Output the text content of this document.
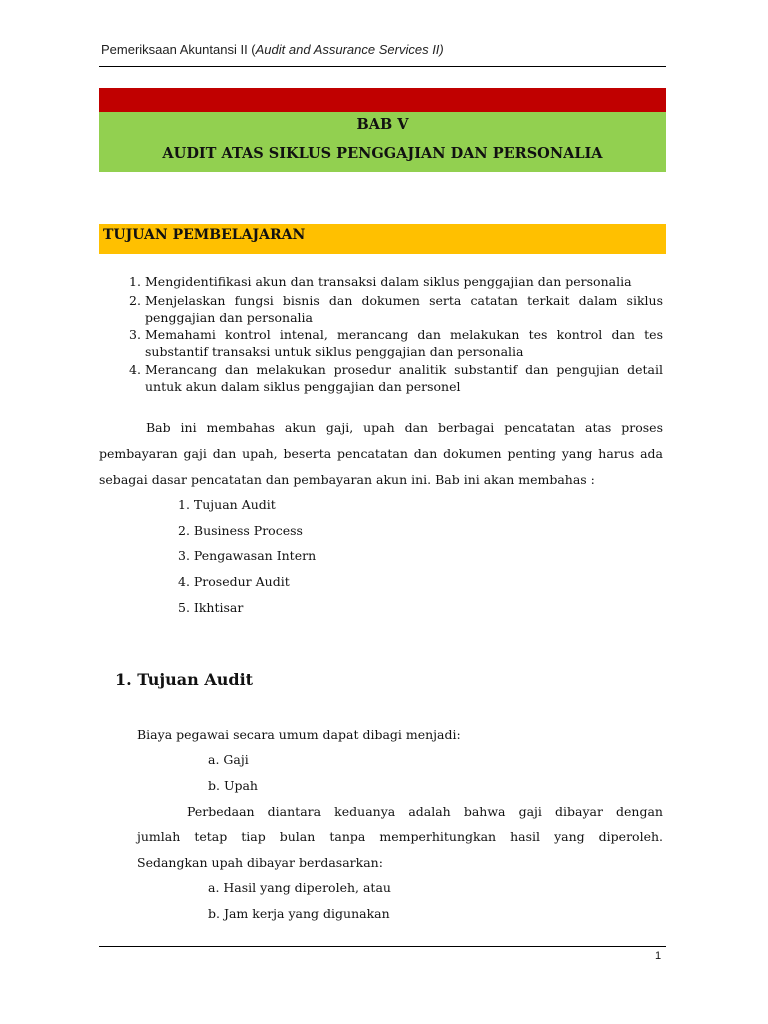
Pemeriksaan Akuntansi II (Audit and Assurance Services II)
BAB V
AUDIT ATAS SIKLUS PENGGAJIAN DAN PERSONALIA
TUJUAN PEMBELAJARAN
1. Mengidentifikasi akun dan transaksi dalam siklus penggajian dan personalia
2. Menjelaskan fungsi bisnis dan dokumen serta catatan terkait dalam siklus
penggajian dan personalia
3. Memahami kontrol intenal, merancang dan melakukan tes kontrol dan tes
substantif transaksi untuk siklus penggajian dan personalia
4. Merancang dan melakukan prosedur analitik substantif dan pengujian detail
untuk akun dalam siklus penggajian dan personel
Bab ini membahas akun gaji, upah dan berbagai pencatatan atas proses
pembayaran gaji dan upah, beserta pencatatan dan dokumen penting yang harus ada
sebagai dasar pencatatan dan pembayaran akun ini. Bab ini akan membahas :
1. Tujuan Audit
2. Business Process
3. Pengawasan Intern
4. Prosedur Audit
5. Ikhtisar
1. Tujuan Audit
Biaya pegawai secara umum dapat dibagi menjadi:
a. Gaji
b. Upah
Perbedaan diantara keduanya adalah bahwa gaji dibayar dengan
jumlah tetap tiap bulan tanpa memperhitungkan hasil yang diperoleh.
Sedangkan upah dibayar berdasarkan:
a. Hasil yang diperoleh, atau
b. Jam kerja yang digunakan
1
